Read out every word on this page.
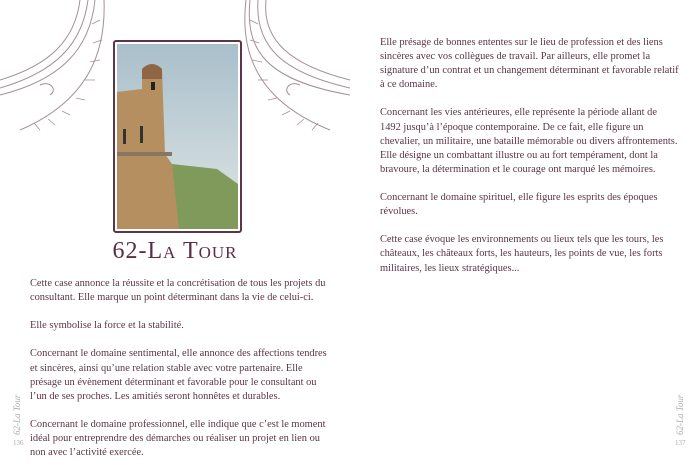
62-La Tour

Cette case annonce la réussite et la concrétisation de tous les projets du consultant. Elle marque un point déterminant dans la vie de celui-ci.

Elle symbolise la force et la stabilité.

Concernant le domaine sentimental, elle annonce des affections tendres et sincères, ainsi qu’une relation stable avec votre partenaire. Elle présage un évènement déterminant et favorable pour le consultant ou l’un de ses proches. Les amitiés seront honnêtes et durables.

Concernant le domaine professionnel, elle indique que c’est le moment idéal pour entreprendre des démarches ou réaliser un projet en lien ou non avec l’activité exercée.

62-La Tour
136

Elle présage de bonnes ententes sur le lieu de profession et des liens sincères avec vos collègues de travail. Par ailleurs, elle promet la signature d’un contrat et un changement déterminant et favorable relatif à ce domaine.

Concernant les vies antérieures, elle représente la période allant de 1492 jusqu’à l’époque contemporaine. De ce fait, elle figure un chevalier, un militaire, une bataille mémorable ou divers affrontements. Elle désigne un combattant illustre ou au fort tempérament, dont la bravoure, la détermination et le courage ont marqué les mémoires.

Concernant le domaine spirituel, elle figure les esprits des époques révolues.

Cette case évoque les environnements ou lieux tels que les tours, les châteaux, les châteaux forts, les hauteurs, les points de vue, les forts militaires, les lieux stratégiques...

62-La Tour
137
